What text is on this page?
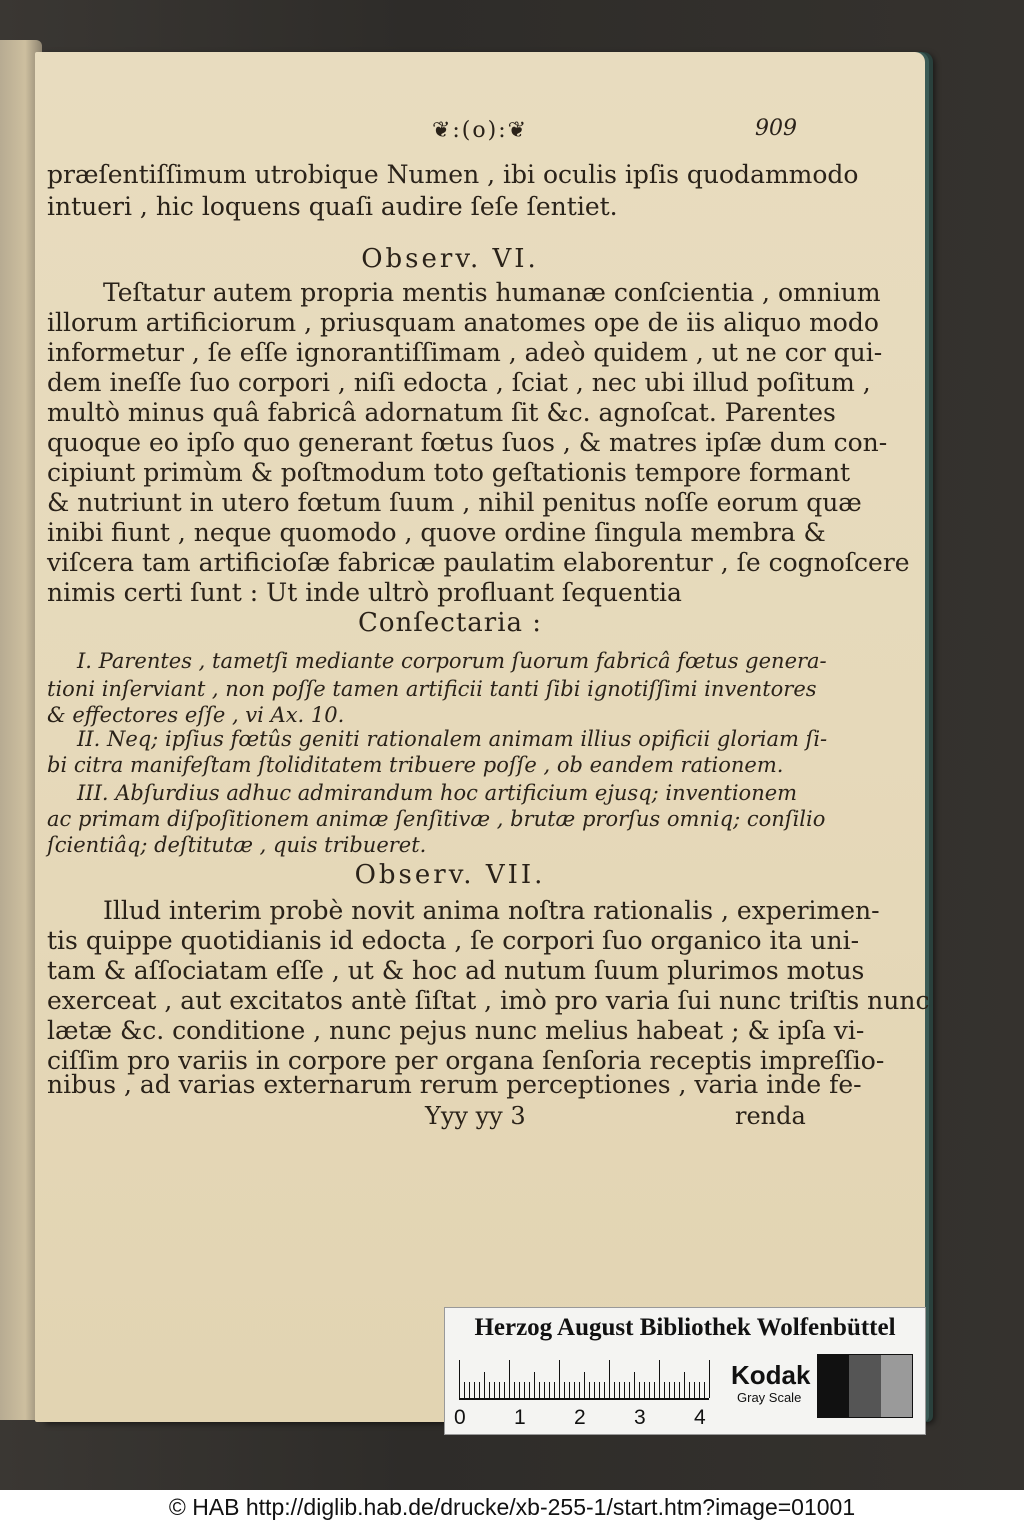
❦:(o):❦	909
præſentiſſimum utrobique Numen , ibi oculis ipſis quodammodo
intueri , hic loquens quaſi audire ſeſe ſentiet.
Observ. VI.
Teſtatur autem propria mentis humanæ conſcientia , omnium
illorum artificiorum , priusquam anatomes ope de iis aliquo modo
informetur , ſe eſſe ignorantiſſimam , adeò quidem , ut ne cor qui-
dem ineſſe ſuo corpori , niſi edocta , ſciat , nec ubi illud poſitum ,
multò minus quâ fabricâ adornatum ſit &c. agnoſcat. Parentes
quoque eo ipſo quo generant fœtus ſuos , & matres ipſæ dum con-
cipiunt primùm & poſtmodum toto geſtationis tempore formant
& nutriunt in utero fœtum ſuum , nihil penitus noſſe eorum quæ
inibi fiunt , neque quomodo , quove ordine ſingula membra &
viſcera tam artificioſæ fabricæ paulatim elaborentur , ſe cognoſcere
nimis certi ſunt : Ut inde ultrò profluant ſequentia
Conſectaria :
I. Parentes , tametſi mediante corporum ſuorum fabricâ fœtus genera-
tioni inſerviant , non poſſe tamen artificii tanti ſibi ignotiſſimi inventores
& effectores eſſe , vi Ax. 10.
II. Neq; ipſius fœtûs geniti rationalem animam illius opificii gloriam ſi-
bi citra manifeſtam ſtoliditatem tribuere poſſe , ob eandem rationem.
III. Abſurdius adhuc admirandum hoc artificium ejusq; inventionem
ac primam diſpoſitionem animæ ſenſitivæ , brutæ prorſus omniq; conſilio
ſcientiâq; deſtitutæ , quis tribueret.
Observ. VII.
Illud interim probè novit anima noſtra rationalis , experimen-
tis quippe quotidianis id edocta , ſe corpori ſuo organico ita uni-
tam & aſſociatam eſſe , ut & hoc ad nutum ſuum plurimos motus
exerceat , aut excitatos antè ſiſtat , imò pro varia ſui nunc triſtis nunc
lætæ &c. conditione , nunc pejus nunc melius habeat ; & ipſa vi-
ciſſim pro variis in corpore per organa ſenſoria receptis impreſſio-
nibus , ad varias externarum rerum perceptiones , varia inde fe-
Yyy yy 3	renda
Herzog August Bibliothek Wolfenbüttel
0 1 2 3 4
Kodak
Gray Scale
© HAB http://diglib.hab.de/drucke/xb-255-1/start.htm?image=01001
